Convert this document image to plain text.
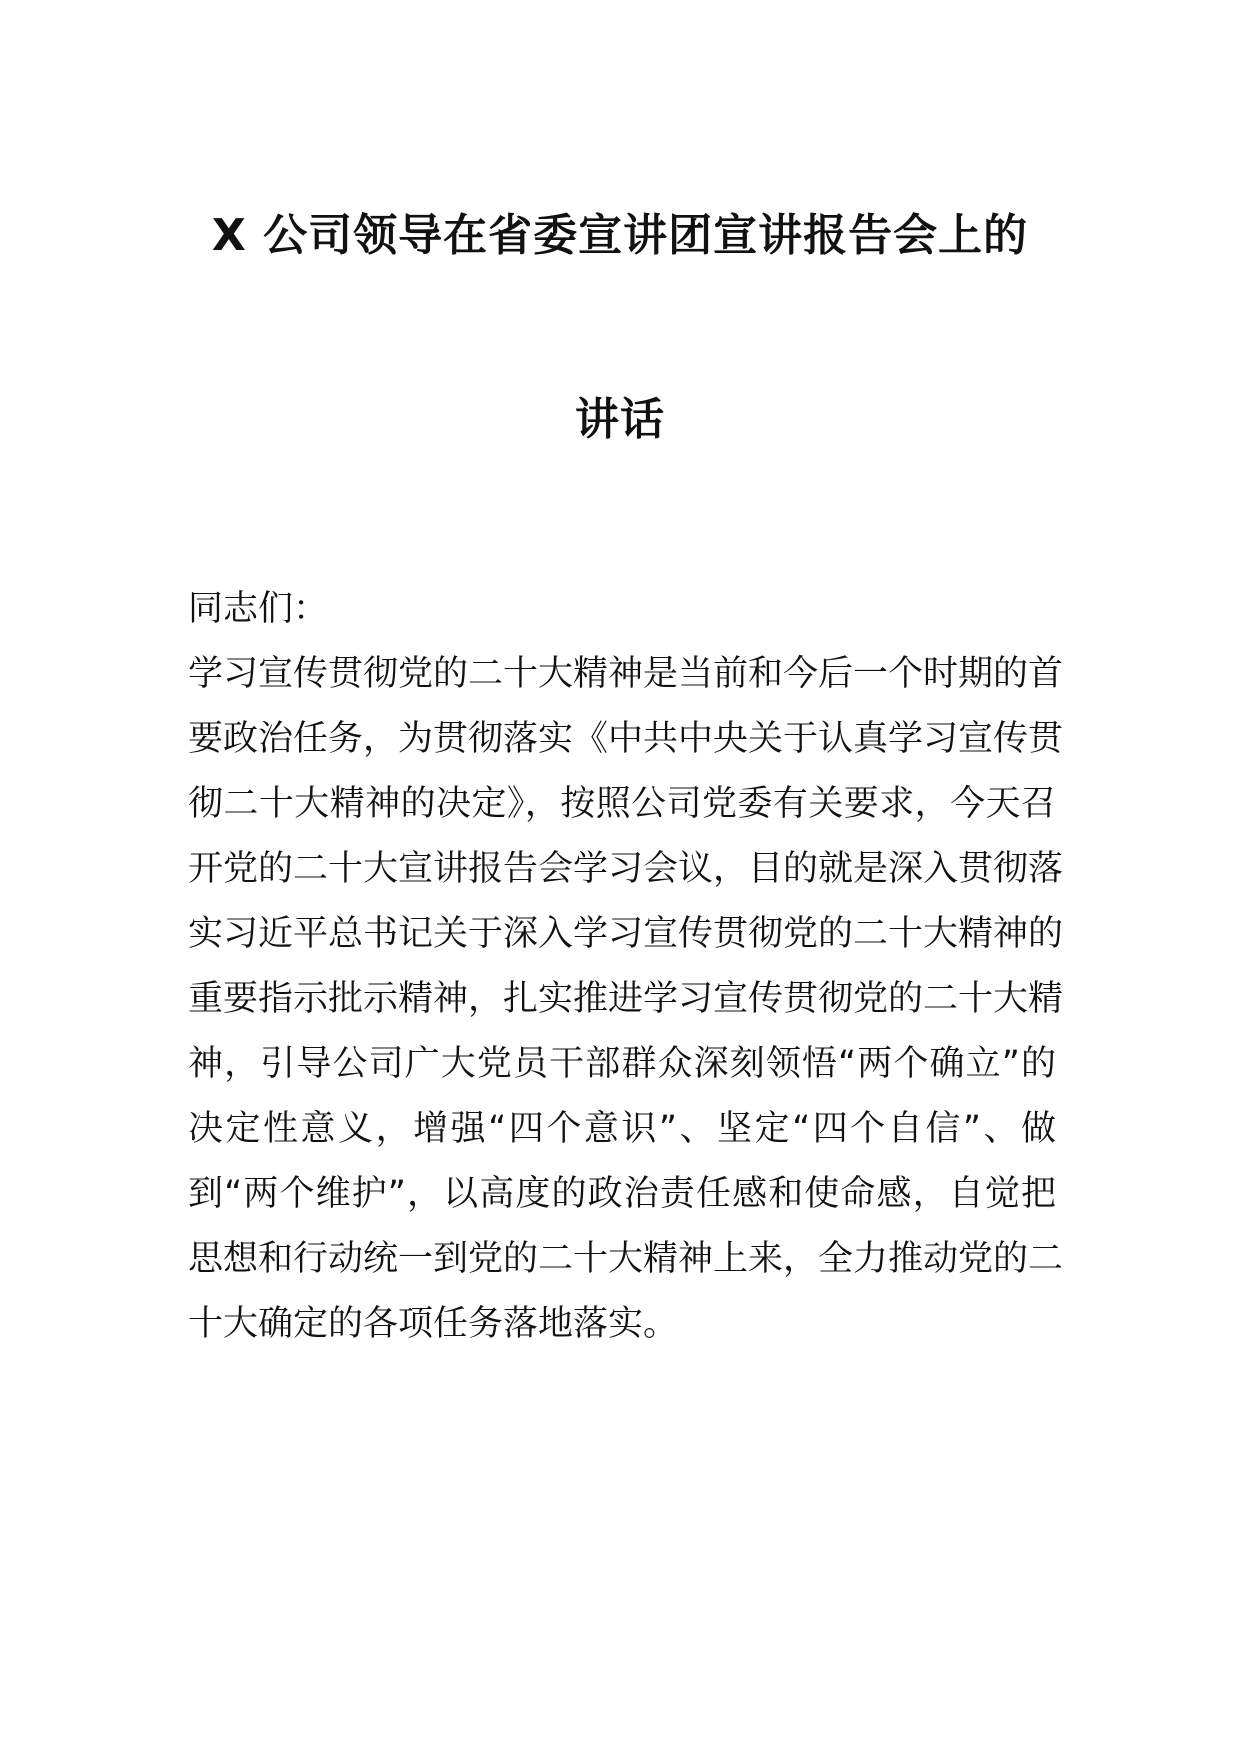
X 公司领导在省委宣讲团宣讲报告会上的
讲话
同志们：
学习宣传贯彻党的二十大精神是当前和今后一个时期的首
要政治任务，为贯彻落实《中共中央关于认真学习宣传贯
彻二十大精神的决定》，按照公司党委有关要求，今天召
开党的二十大宣讲报告会学习会议，目的就是深入贯彻落
实习近平总书记关于深入学习宣传贯彻党的二十大精神的
重要指示批示精神，扎实推进学习宣传贯彻党的二十大精
神，引导公司广大党员干部群众深刻领悟“两个确立”的
决定性意义，增强“四个意识”、坚定“四个自信”、做
到“两个维护”，以高度的政治责任感和使命感，自觉把
思想和行动统一到党的二十大精神上来，全力推动党的二
十大确定的各项任务落地落实。
